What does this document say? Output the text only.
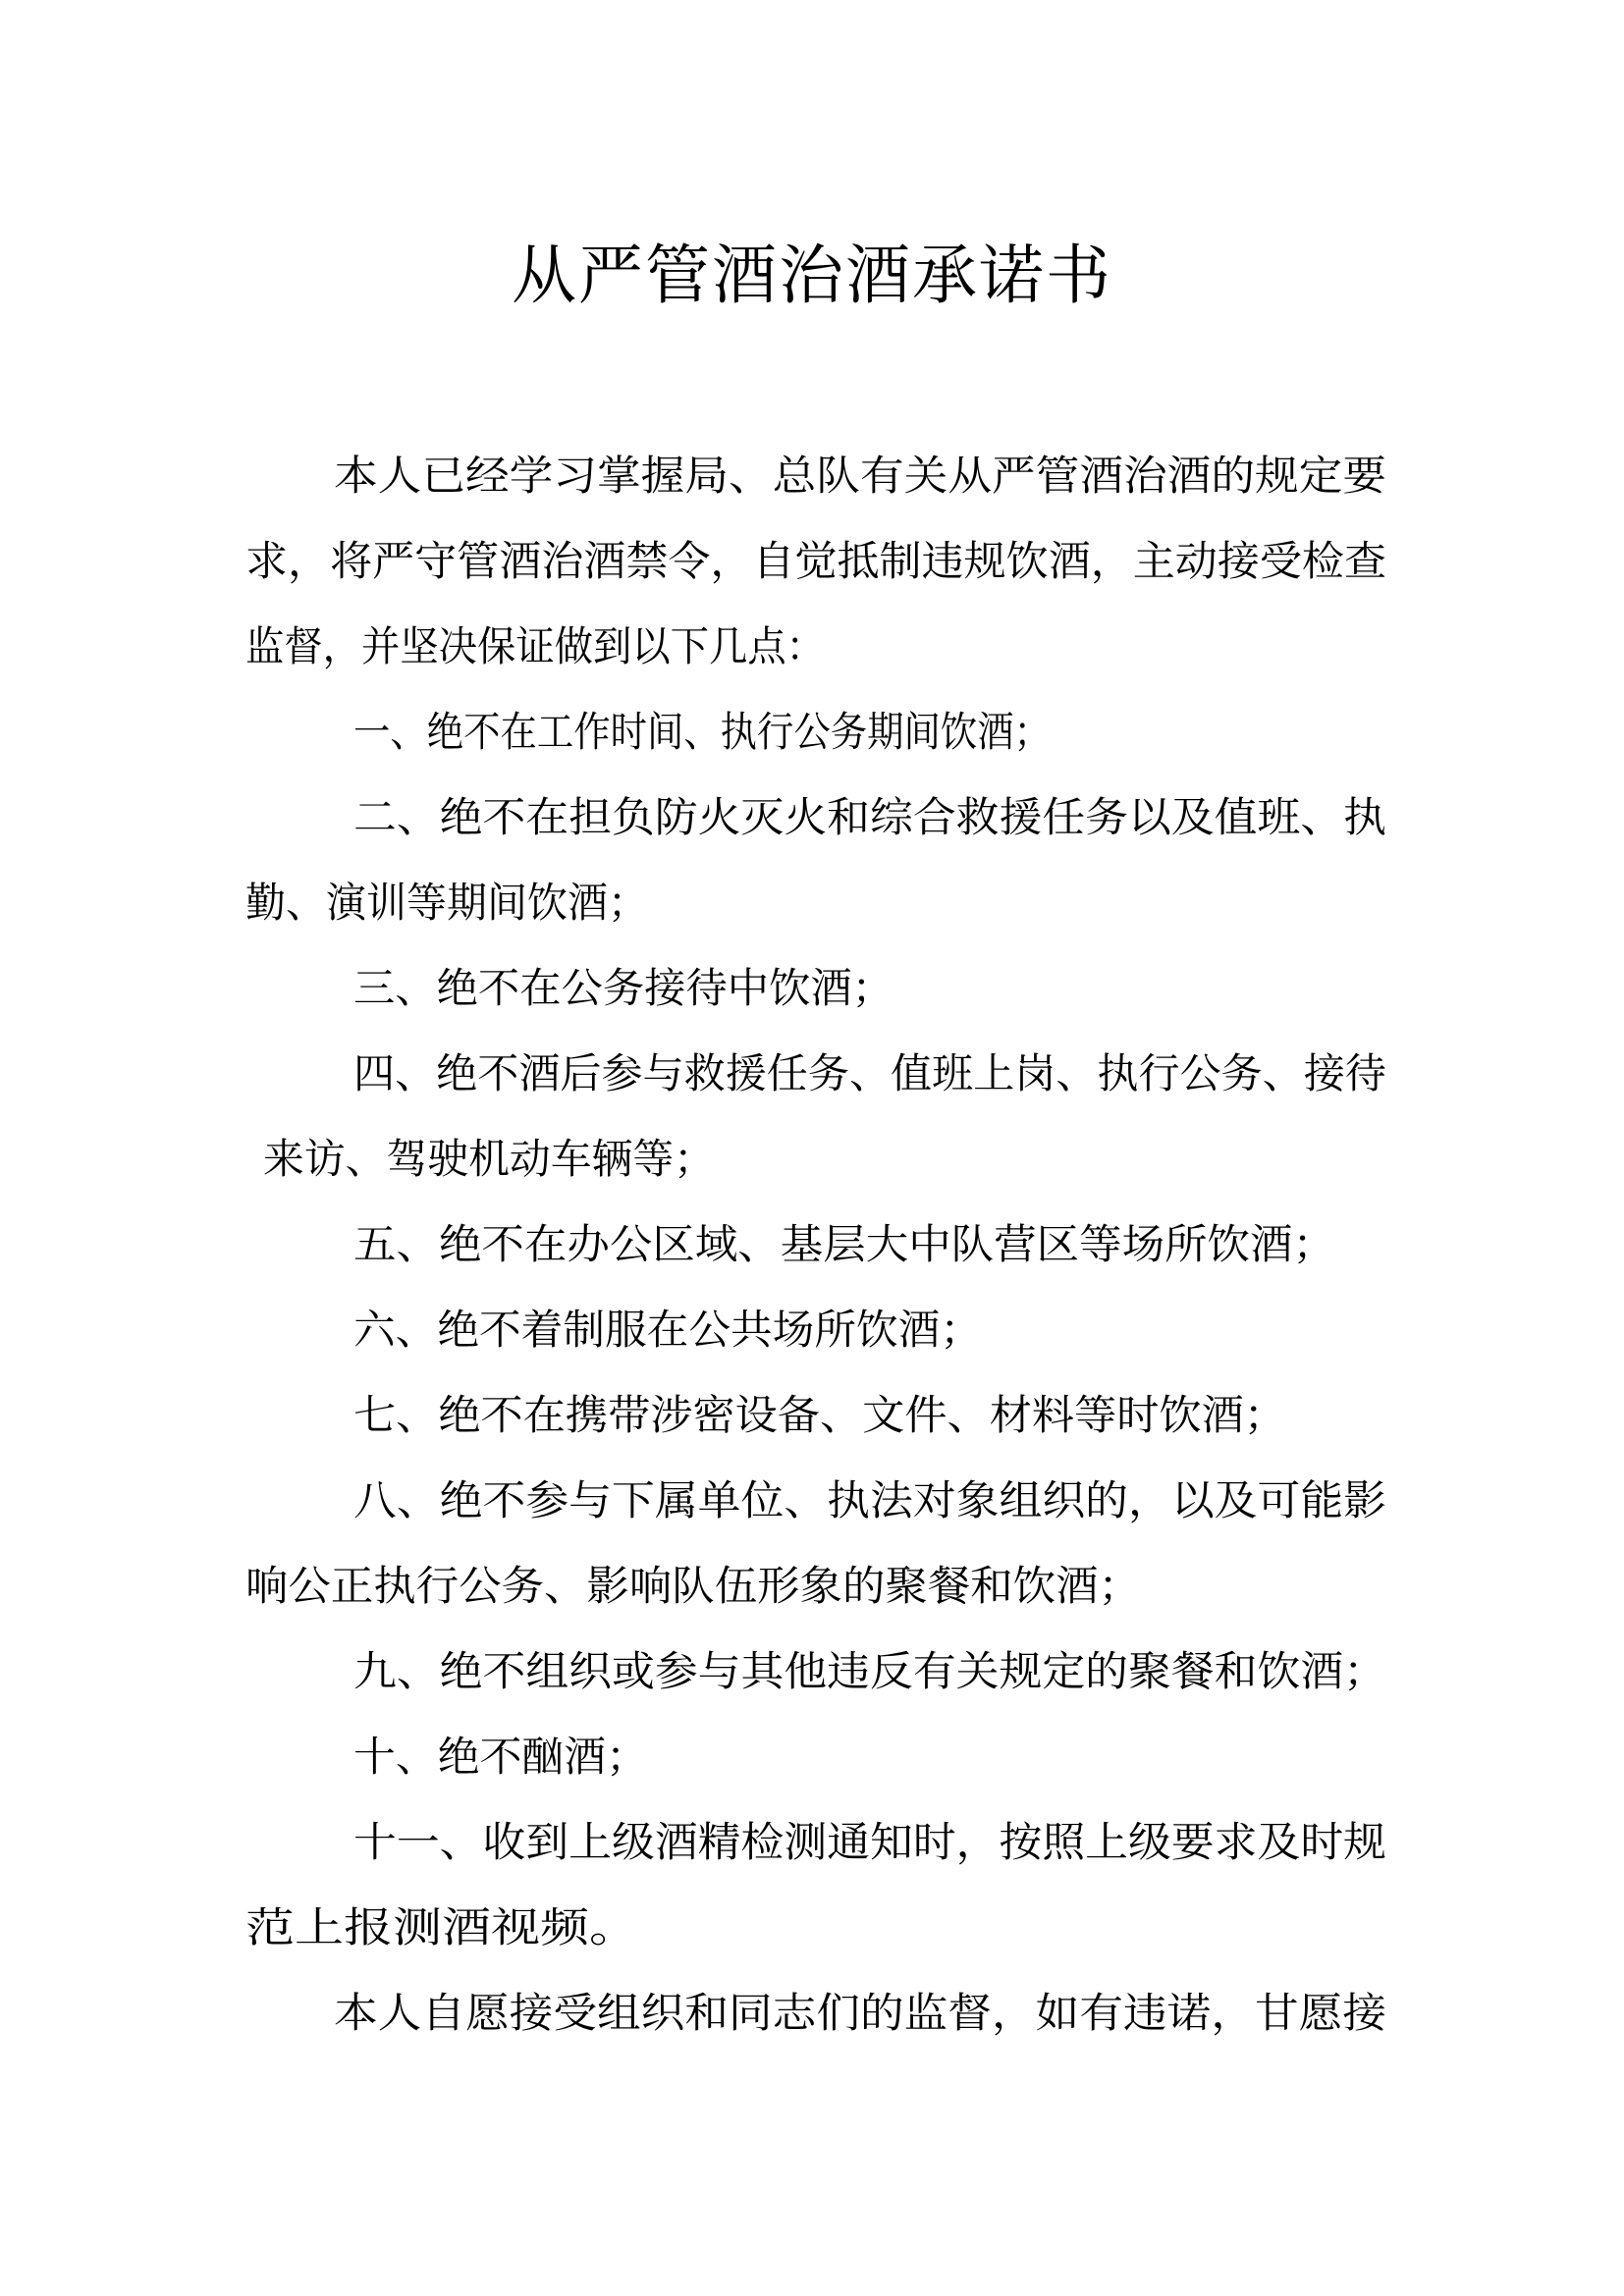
从严管酒治酒承诺书
本人已经学习掌握局、总队有关从严管酒治酒的规定要
求，将严守管酒治酒禁令，自觉抵制违规饮酒，主动接受检查
监督，并坚决保证做到以下几点：
一、绝不在工作时间、执行公务期间饮酒；
二、绝不在担负防火灭火和综合救援任务以及值班、执
勤、演训等期间饮酒；
三、绝不在公务接待中饮酒；
四、绝不酒后参与救援任务、值班上岗、执行公务、接待
来访、驾驶机动车辆等；
五、绝不在办公区域、基层大中队营区等场所饮酒；
六、绝不着制服在公共场所饮酒；
七、绝不在携带涉密设备、文件、材料等时饮酒；
八、绝不参与下属单位、执法对象组织的，以及可能影
响公正执行公务、影响队伍形象的聚餐和饮酒；
九、绝不组织或参与其他违反有关规定的聚餐和饮酒；
十、绝不酗酒；
十一、收到上级酒精检测通知时，按照上级要求及时规
范上报测酒视频。
本人自愿接受组织和同志们的监督，如有违诺，甘愿接
